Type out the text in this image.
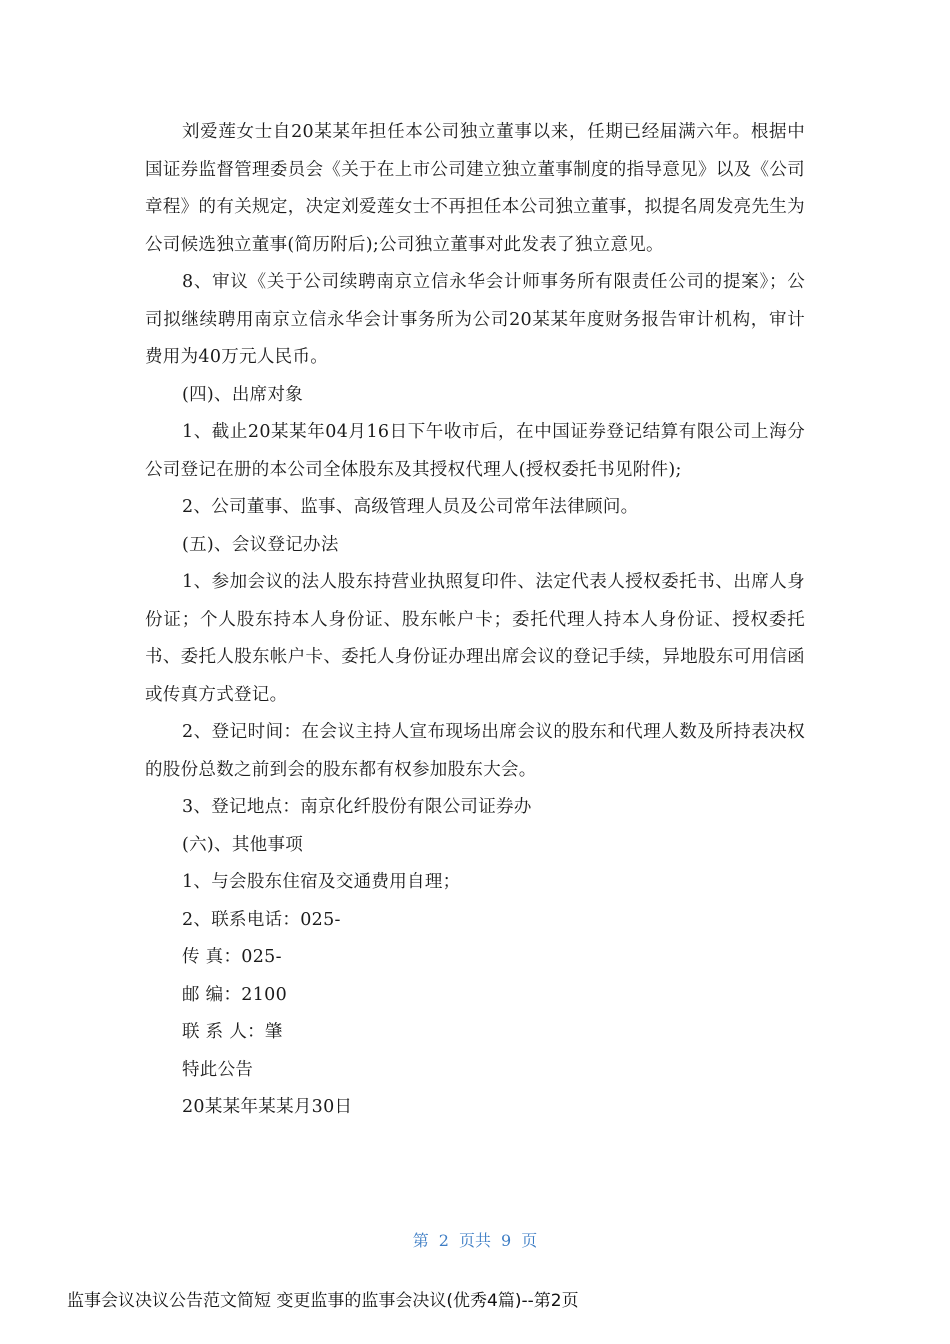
刘爱莲女士自20某某年担任本公司独立董事以来，任期已经届满六年。根据中国证券监督管理委员会《关于在上市公司建立独立董事制度的指导意见》以及《公司章程》的有关规定，决定刘爱莲女士不再担任本公司独立董事，拟提名周发亮先生为公司候选独立董事(简历附后);公司独立董事对此发表了独立意见。

8、审议《关于公司续聘南京立信永华会计师事务所有限责任公司的提案》；公司拟继续聘用南京立信永华会计事务所为公司20某某年度财务报告审计机构，审计费用为40万元人民币。

(四)、出席对象

1、截止20某某年04月16日下午收市后，在中国证券登记结算有限公司上海分公司登记在册的本公司全体股东及其授权代理人(授权委托书见附件);

2、公司董事、监事、高级管理人员及公司常年法律顾问。

(五)、会议登记办法

1、参加会议的法人股东持营业执照复印件、法定代表人授权委托书、出席人身份证；个人股东持本人身份证、股东帐户卡；委托代理人持本人身份证、授权委托书、委托人股东帐户卡、委托人身份证办理出席会议的登记手续，异地股东可用信函或传真方式登记。

2、登记时间：在会议主持人宣布现场出席会议的股东和代理人数及所持表决权的股份总数之前到会的股东都有权参加股东大会。

3、登记地点：南京化纤股份有限公司证券办

(六)、其他事项

1、与会股东住宿及交通费用自理；

2、联系电话：025-

传 真：025-

邮 编：2100

联 系 人：肇

特此公告

20某某年某某月30日

第 2 页共 9 页
监事会议决议公告范文简短 变更监事的监事会决议(优秀4篇)--第2页
